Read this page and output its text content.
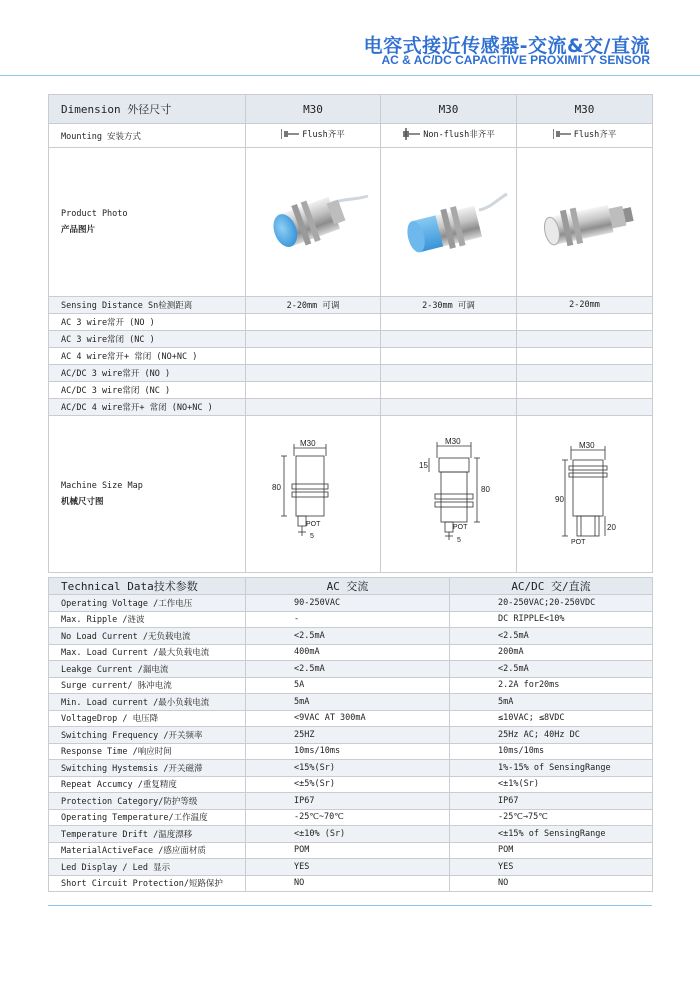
电容式接近传感器-交流&交/直流
AC & AC/DC CAPACITIVE PROXIMITY SENSOR
Dimension 外径尺寸	M30	M30	M30
Mounting 安装方式	Flush齐平	Non-flush非齐平	Flush齐平

Product Photo
产品图片

Sensing Distance Sn检测距离	2-20mm 可调	2-30mm 可调	2-20mm
AC 3 wire常开 (NO )			
AC 3 wire常闭 (NC )			
AC 4 wire常开+ 常闭 (NO+NC )			
AC/DC 3 wire常开 (NO )			
AC/DC 3 wire常闭 (NC )			
AC/DC 4 wire常开+ 常闭 (NO+NC )			

Machine Size Map
机械尺寸图	M30
80
POT
5	M30
15
80
POT
5	M30
90
20
POT
Technical Data技术参数	AC 交流	AC/DC 交/直流
Operating Voltage /工作电压	90-250VAC	20-250VAC;20-250VDC
Max. Ripple /涟波	-	DC RIPPLE<10%
No Load Current /无负载电流	<2.5mA	<2.5mA
Max. Load Current /最大负载电流	400mA	200mA
Leakge Current /漏电流	<2.5mA	<2.5mA
Surge current/ 脉冲电流	5A	2.2A for20ms
Min. Load current /最小负载电流	5mA	5mA
VoltageDrop / 电压降	<9VAC AT 300mA	≤10VAC; ≤8VDC
Switching Frequency /开关频率	25HZ	25Hz AC; 40Hz DC
Response Time /响应时间	10ms/10ms	10ms/10ms
Switching Hystemsis /开关磁滞	<15%(Sr)	1%-15% of SensingRange
Repeat Accumcy /重复精度	<±5%(Sr)	<±1%(Sr)
Protection Category/防护等级	IP67	IP67
Operating Temperature/工作温度	-25℃~70℃	-25℃→75℃
Temperature Drift /温度漂移	<±10% (Sr)	<±15% of SensingRange
MaterialActiveFace /感应面材质	POM	POM
Led Display / Led 显示	YES	YES
Short Circuit Protection/短路保护	NO	NO
